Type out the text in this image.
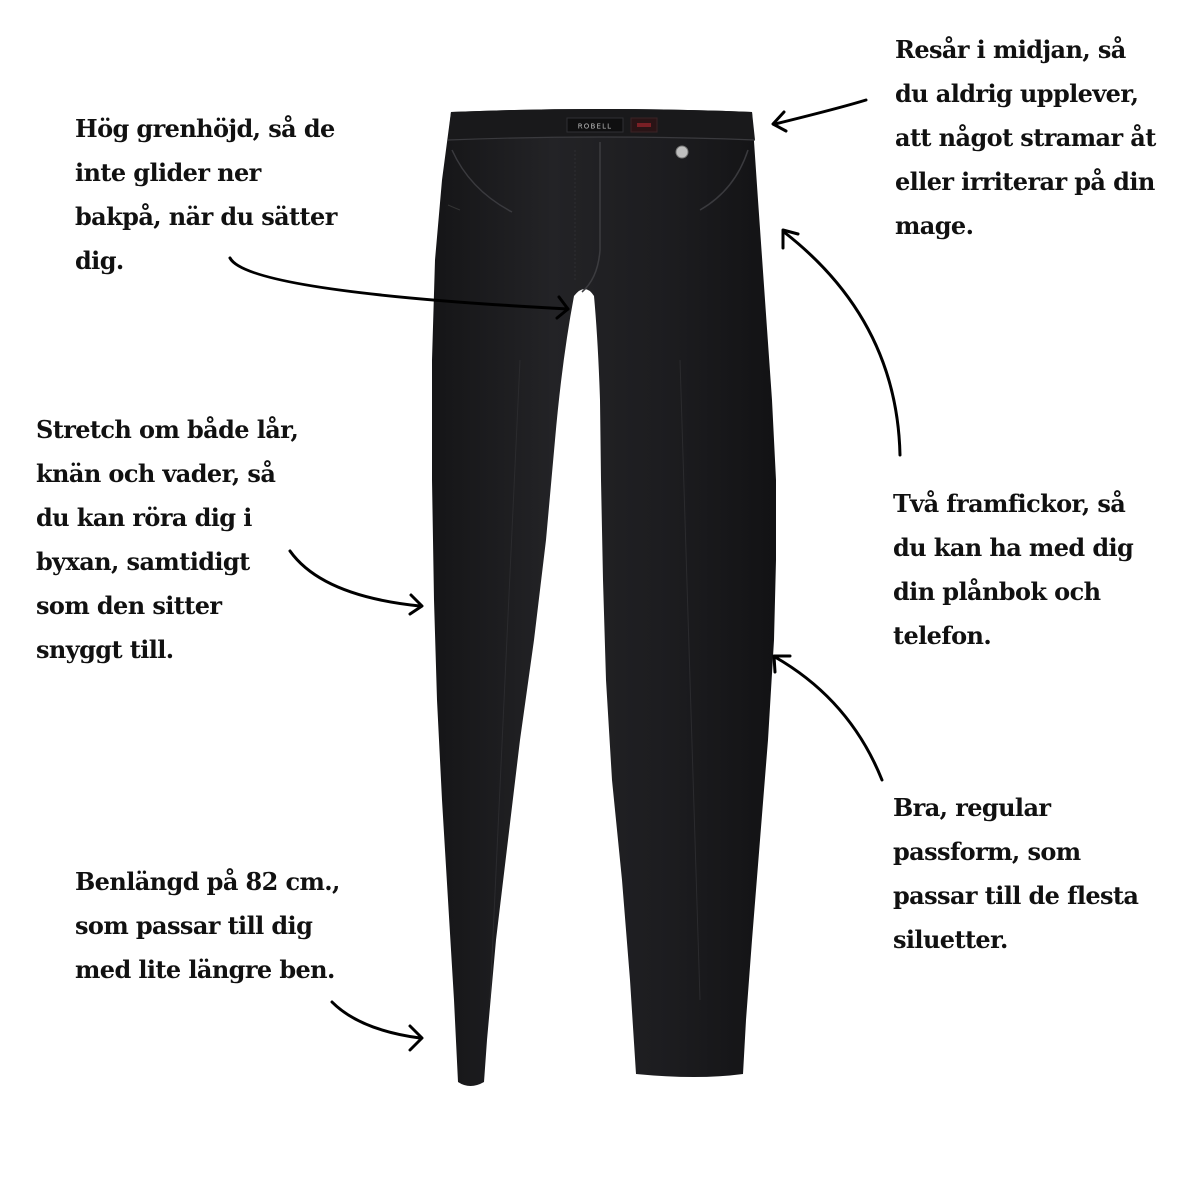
ROBELL

Hög grenhöjd, så de
inte glider ner
bakpå, när du sätter
dig.

Resår i midjan, så
du aldrig upplever,
att något stramar åt
eller irriterar på din
mage.

Stretch om både lår,
knän och vader, så
du kan röra dig i
byxan, samtidigt
som den sitter
snyggt till.

Två framfickor, så
du kan ha med dig
din plånbok och
telefon.

Bra, regular
passform, som
passar till de flesta
siluetter.

Benlängd på 82 cm.,
som passar till dig
med lite längre ben.
